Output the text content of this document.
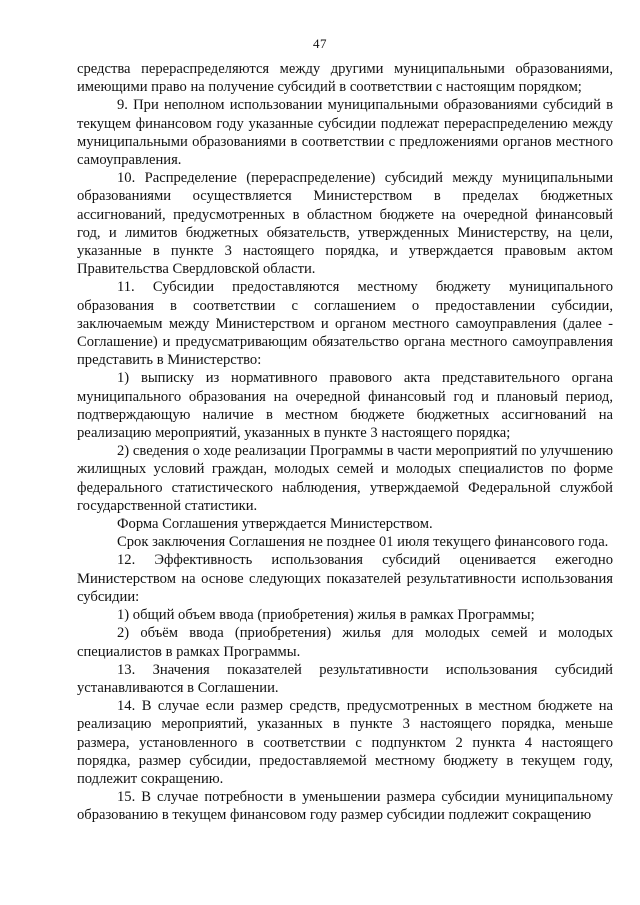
47

средства перераспределяются между другими муниципальными образованиями, имеющими право на получение субсидий в соответствии с настоящим порядком;

9. При неполном использовании муниципальными образованиями субсидий в текущем финансовом году указанные субсидии подлежат перераспределению между муниципальными образованиями в соответствии с предложениями органов местного самоуправления.

10. Распределение (перераспределение) субсидий между муниципальными образованиями осуществляется Министерством в пределах бюджетных ассигнований, предусмотренных в областном бюджете на очередной финансовый год, и лимитов бюджетных обязательств, утвержденных Министерству, на цели, указанные в пункте 3 настоящего порядка, и утверждается правовым актом Правительства Свердловской области.

11. Субсидии предоставляются местному бюджету муниципального образования в соответствии с соглашением о предоставлении субсидии, заключаемым между Министерством и органом местного самоуправления (далее - Соглашение) и предусматривающим обязательство органа местного самоуправления представить в Министерство:

1) выписку из нормативного правового акта представительного органа муниципального образования на очередной финансовый год и плановый период, подтверждающую наличие в местном бюджете бюджетных ассигнований на реализацию мероприятий, указанных в пункте 3 настоящего порядка;

2) сведения о ходе реализации Программы в части мероприятий по улучшению жилищных условий граждан, молодых семей и молодых специалистов по форме федерального статистического наблюдения, утверждаемой Федеральной службой государственной статистики.

Форма Соглашения утверждается Министерством.

Срок заключения Соглашения не позднее 01 июля текущего финансового года.

12. Эффективность использования субсидий оценивается ежегодно Министерством на основе следующих показателей результативности использования субсидии:

1) общий объем ввода (приобретения) жилья в рамках Программы;

2) объём ввода (приобретения) жилья для молодых семей и молодых специалистов в рамках Программы.

13. Значения показателей результативности использования субсидий устанавливаются в Соглашении.

14. В случае если размер средств, предусмотренных в местном бюджете на реализацию мероприятий, указанных в пункте 3 настоящего порядка, меньше размера, установленного в соответствии с подпунктом 2 пункта 4 настоящего порядка, размер субсидии, предоставляемой местному бюджету в текущем году, подлежит сокращению.

15. В случае потребности в уменьшении размера субсидии муниципальному образованию в текущем финансовом году размер субсидии подлежит сокращению
